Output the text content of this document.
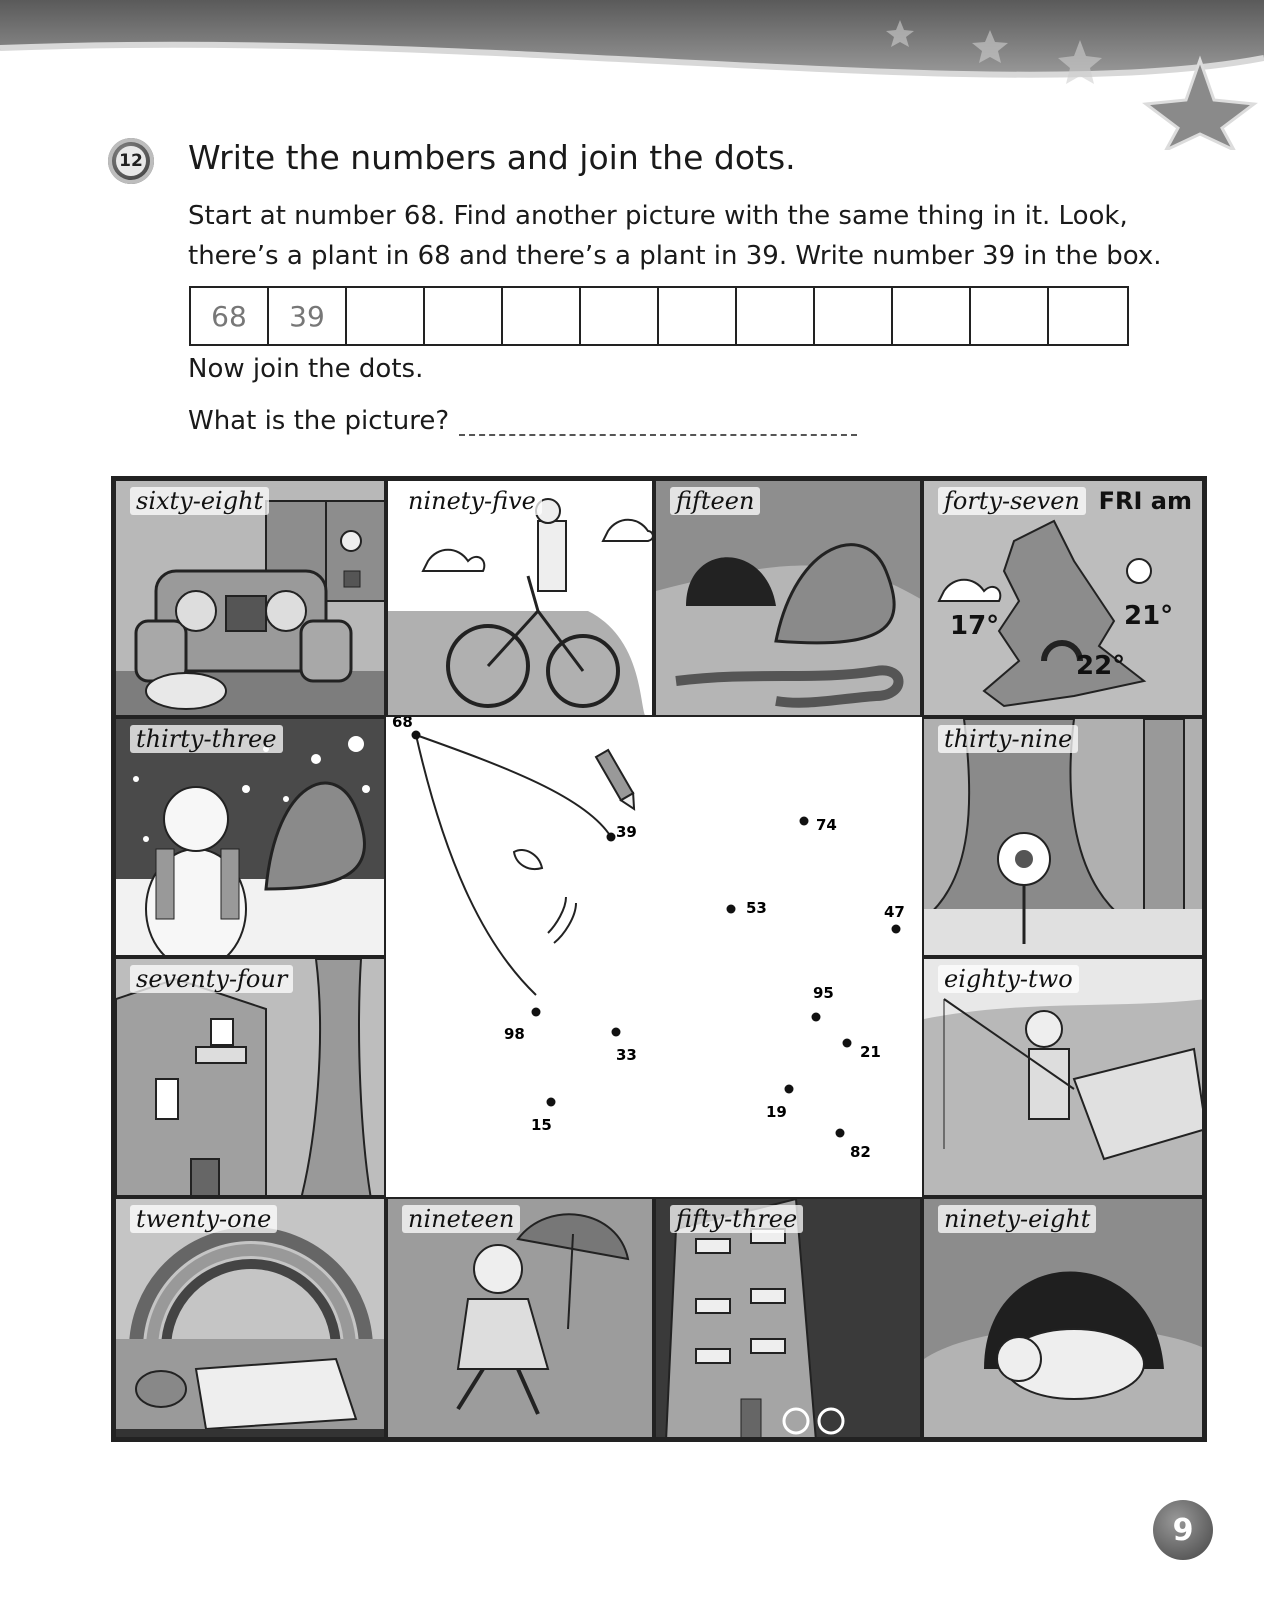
12 Write the numbers and join the dots.
Start at number 68. Find another picture with the same thing in it. Look, there’s a plant in 68 and there’s a plant in 39. Write number 39 in the box.
68	39
Now join the dots.
What is the picture?
sixty-eight	ninety-five	fifteen	forty-seven FRI am
17°	21°
22°
thirty-three	thirty-nine
seventy-four	eighty-two
twenty-one	nineteen	fifty-three	ninety-eight
68
39	74
53	47
95
21
98
33
19
15
82
9
